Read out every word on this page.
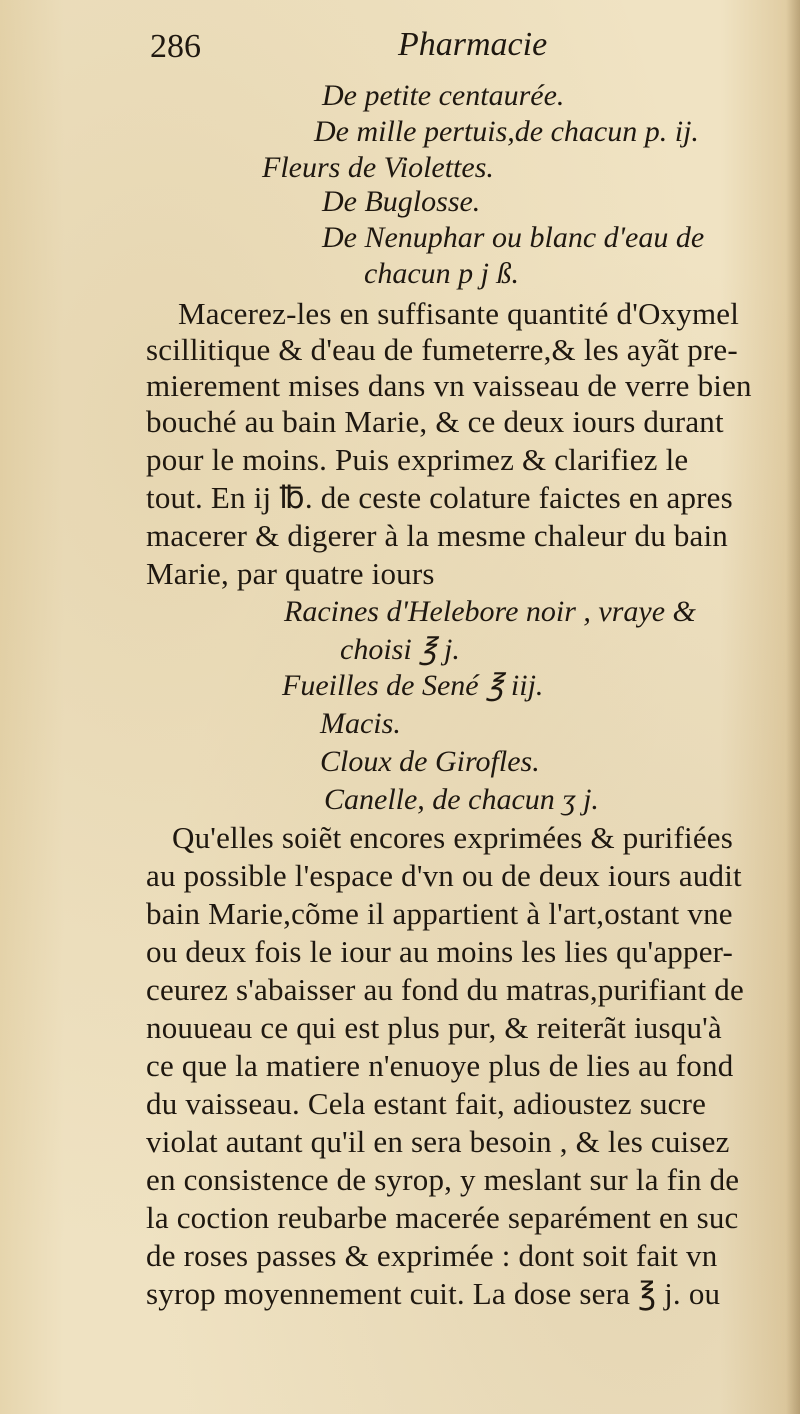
286	Pharmacie
De petite centaurée.
De mille pertuis,de chacun p. ij.
Fleurs de Violettes.
De Buglosse.
De Nenuphar ou blanc d'eau de
chacun p j ß.
Macerez-les en suffisante quantité d'Oxymel
scillitique & d'eau de fumeterre,& les ayãt pre-
mierement mises dans vn vaisseau de verre bien
bouché au bain Marie, & ce deux iours durant
pour le moins. Puis exprimez & clarifiez le
tout. En ij ℔. de ceste colature faictes en apres
macerer & digerer à la mesme chaleur du bain
Marie, par quatre iours
Racines d'Helebore noir , vraye &
choisi ℥ j.
Fueilles de Sené ℥ iij.
Macis.
Cloux de Girofles.
Canelle, de chacun ʒ j.
Qu'elles soiẽt encores exprimées & purifiées
au possible l'espace d'vn ou de deux iours audit
bain Marie,cõme il appartient à l'art,ostant vne
ou deux fois le iour au moins les lies qu'apper-
ceurez s'abaisser au fond du matras,purifiant de
nouueau ce qui est plus pur, & reiterãt iusqu'à
ce que la matiere n'enuoye plus de lies au fond
du vaisseau. Cela estant fait, adioustez sucre
violat autant qu'il en sera besoin , & les cuisez
en consistence de syrop, y meslant sur la fin de
la coction reubarbe macerée separément en suc
de roses passes & exprimée : dont soit fait vn
syrop moyennement cuit. La dose sera ℥ j. ou
